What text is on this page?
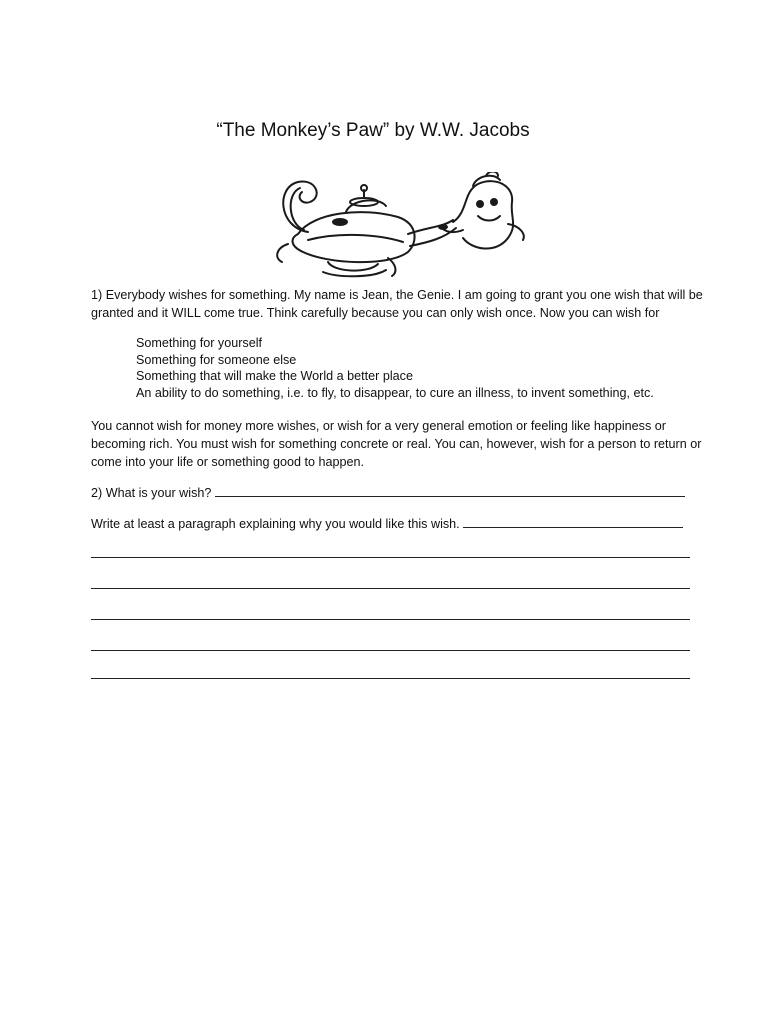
“The Monkey’s Paw” by W.W. Jacobs
1) Everybody wishes for something. My name is Jean, the Genie. I am going to grant you one wish that will be granted and it WILL come true. Think carefully because you can only wish once. Now you can wish for
Something for yourself
Something for someone else
Something that will make the World a better place
An ability to do something, i.e. to fly, to disappear, to cure an illness, to invent something, etc.
You cannot wish for money more wishes, or wish for a very general emotion or feeling like happiness or becoming rich. You must wish for something concrete or real. You can, however, wish for a person to return or come into your life or something good to happen.
2) What is your wish?
Write at least a paragraph explaining why you would like this wish.
